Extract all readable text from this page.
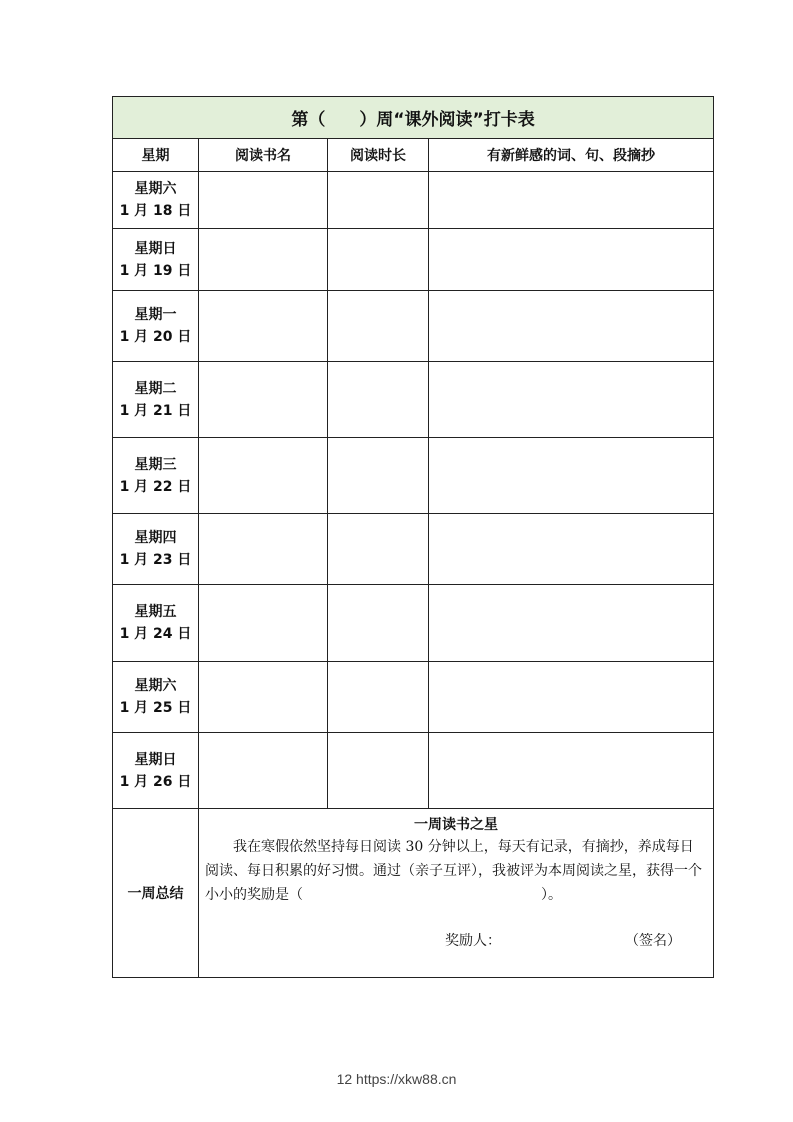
第（　　）周“课外阅读”打卡表			
星期	阅读书名	阅读时长	有新鲜感的词、句、段摘抄

星期六
1 月 18 日			

星期日
1 月 19 日			

星期一
1 月 20 日			

星期二
1 月 21 日			

星期三
1 月 22 日			

星期四
1 月 23 日			

星期五
1 月 24 日			

星期六
1 月 25 日			

星期日
1 月 26 日			

一周总结	一周读书之星

我在寒假依然坚持每日阅读 30 分钟以上，每天有记录，有摘抄，养成每日阅读、每日积累的好习惯。通过（亲子互评），我被评为本周阅读之星，获得一个小小的奖励是（　　　　　　　　　　　　　　　　　）。

奖励人： （签名）		
12 https://xkw88.cn
